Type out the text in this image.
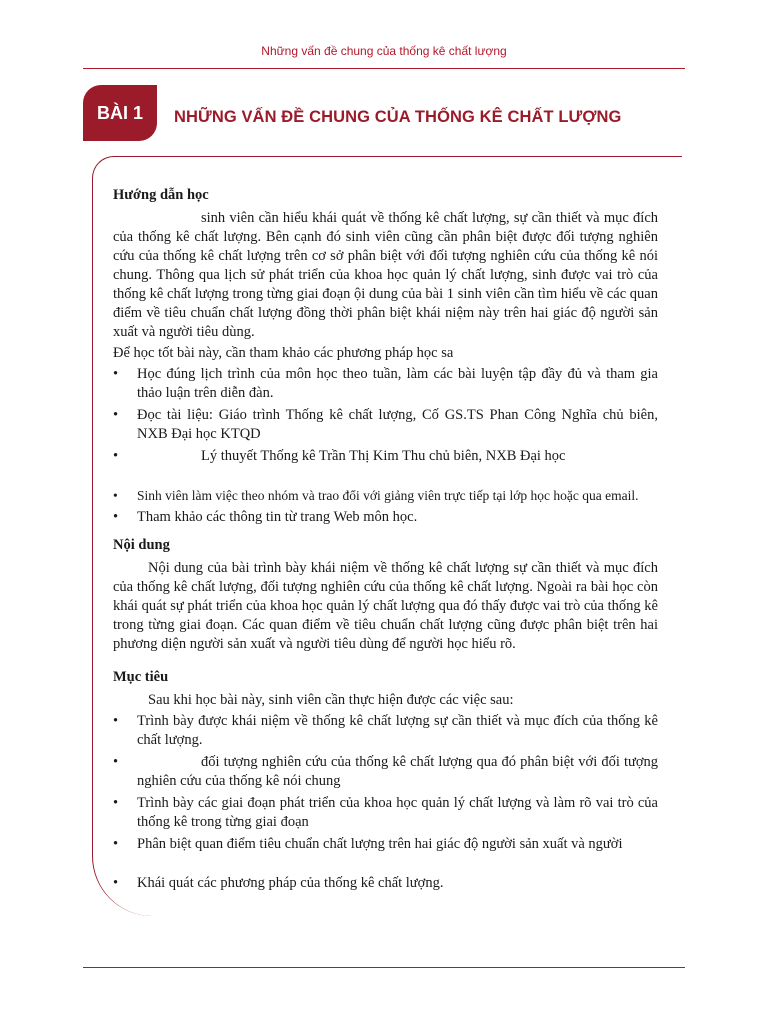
Những vấn đề chung của thống kê chất lượng
BÀI 1 NHỮNG VẤN ĐỀ CHUNG CỦA THỐNG KÊ CHẤT LƯỢNG
Hướng dẫn học

sinh viên cần hiểu khái quát về thống kê chất lượng, sự cần thiết và mục đích của thống kê chất lượng. Bên cạnh đó sinh viên cũng cần phân biệt được đối tượng nghiên cứu của thống kê chất lượng trên cơ sở phân biệt với đối tượng nghiên cứu của thống kê nói chung. Thông qua lịch sử phát triển của khoa học quản lý chất lượng, sinh được vai trò của thống kê chất lượng trong từng giai đoạn ội dung của bài 1 sinh viên cần tìm hiểu về các quan điểm về tiêu chuẩn chất lượng đồng thời phân biệt khái niệm này trên hai giác độ người sản xuất và người tiêu dùng.

Để học tốt bài này, cần tham khảo các phương pháp học sa

• Học đúng lịch trình của môn học theo tuần, làm các bài luyện tập đầy đủ và tham gia thảo luận trên diễn đàn.
• Đọc tài liệu: Giáo trình Thống kê chất lượng, Cố GS.TS Phan Công Nghĩa chủ biên, NXB Đại học KTQD
•	Lý thuyết Thống kê Trần Thị Kim Thu chủ biên, NXB Đại học
• Sinh viên làm việc theo nhóm và trao đổi với giảng viên trực tiếp tại lớp học hoặc qua email.
• Tham khảo các thông tin từ trang Web môn học.
Nội dung

Nội dung của bài trình bày khái niệm về thống kê chất lượng sự cần thiết và mục đích của thống kê chất lượng, đối tượng nghiên cứu của thống kê chất lượng. Ngoài ra bài học còn khái quát sự phát triển của khoa học quản lý chất lượng qua đó thấy được vai trò của thống kê trong từng giai đoạn. Các quan điểm về tiêu chuẩn chất lượng cũng được phân biệt trên hai phương diện người sản xuất và người tiêu dùng để người học hiểu rõ.

Mục tiêu

Sau khi học bài này, sinh viên cần thực hiện được các việc sau:

• Trình bày được khái niệm về thống kê chất lượng sự cần thiết và mục đích của thống kê chất lượng.
•	đối tượng nghiên cứu của thống kê chất lượng qua đó phân biệt với đối tượng nghiên cứu của thống kê nói chung
• Trình bày các giai đoạn phát triển của khoa học quản lý chất lượng và làm rõ vai trò của thống kê trong từng giai đoạn
• Phân biệt quan điểm tiêu chuẩn chất lượng trên hai giác độ người sản xuất và người
• Khái quát các phương pháp của thống kê chất lượng.
